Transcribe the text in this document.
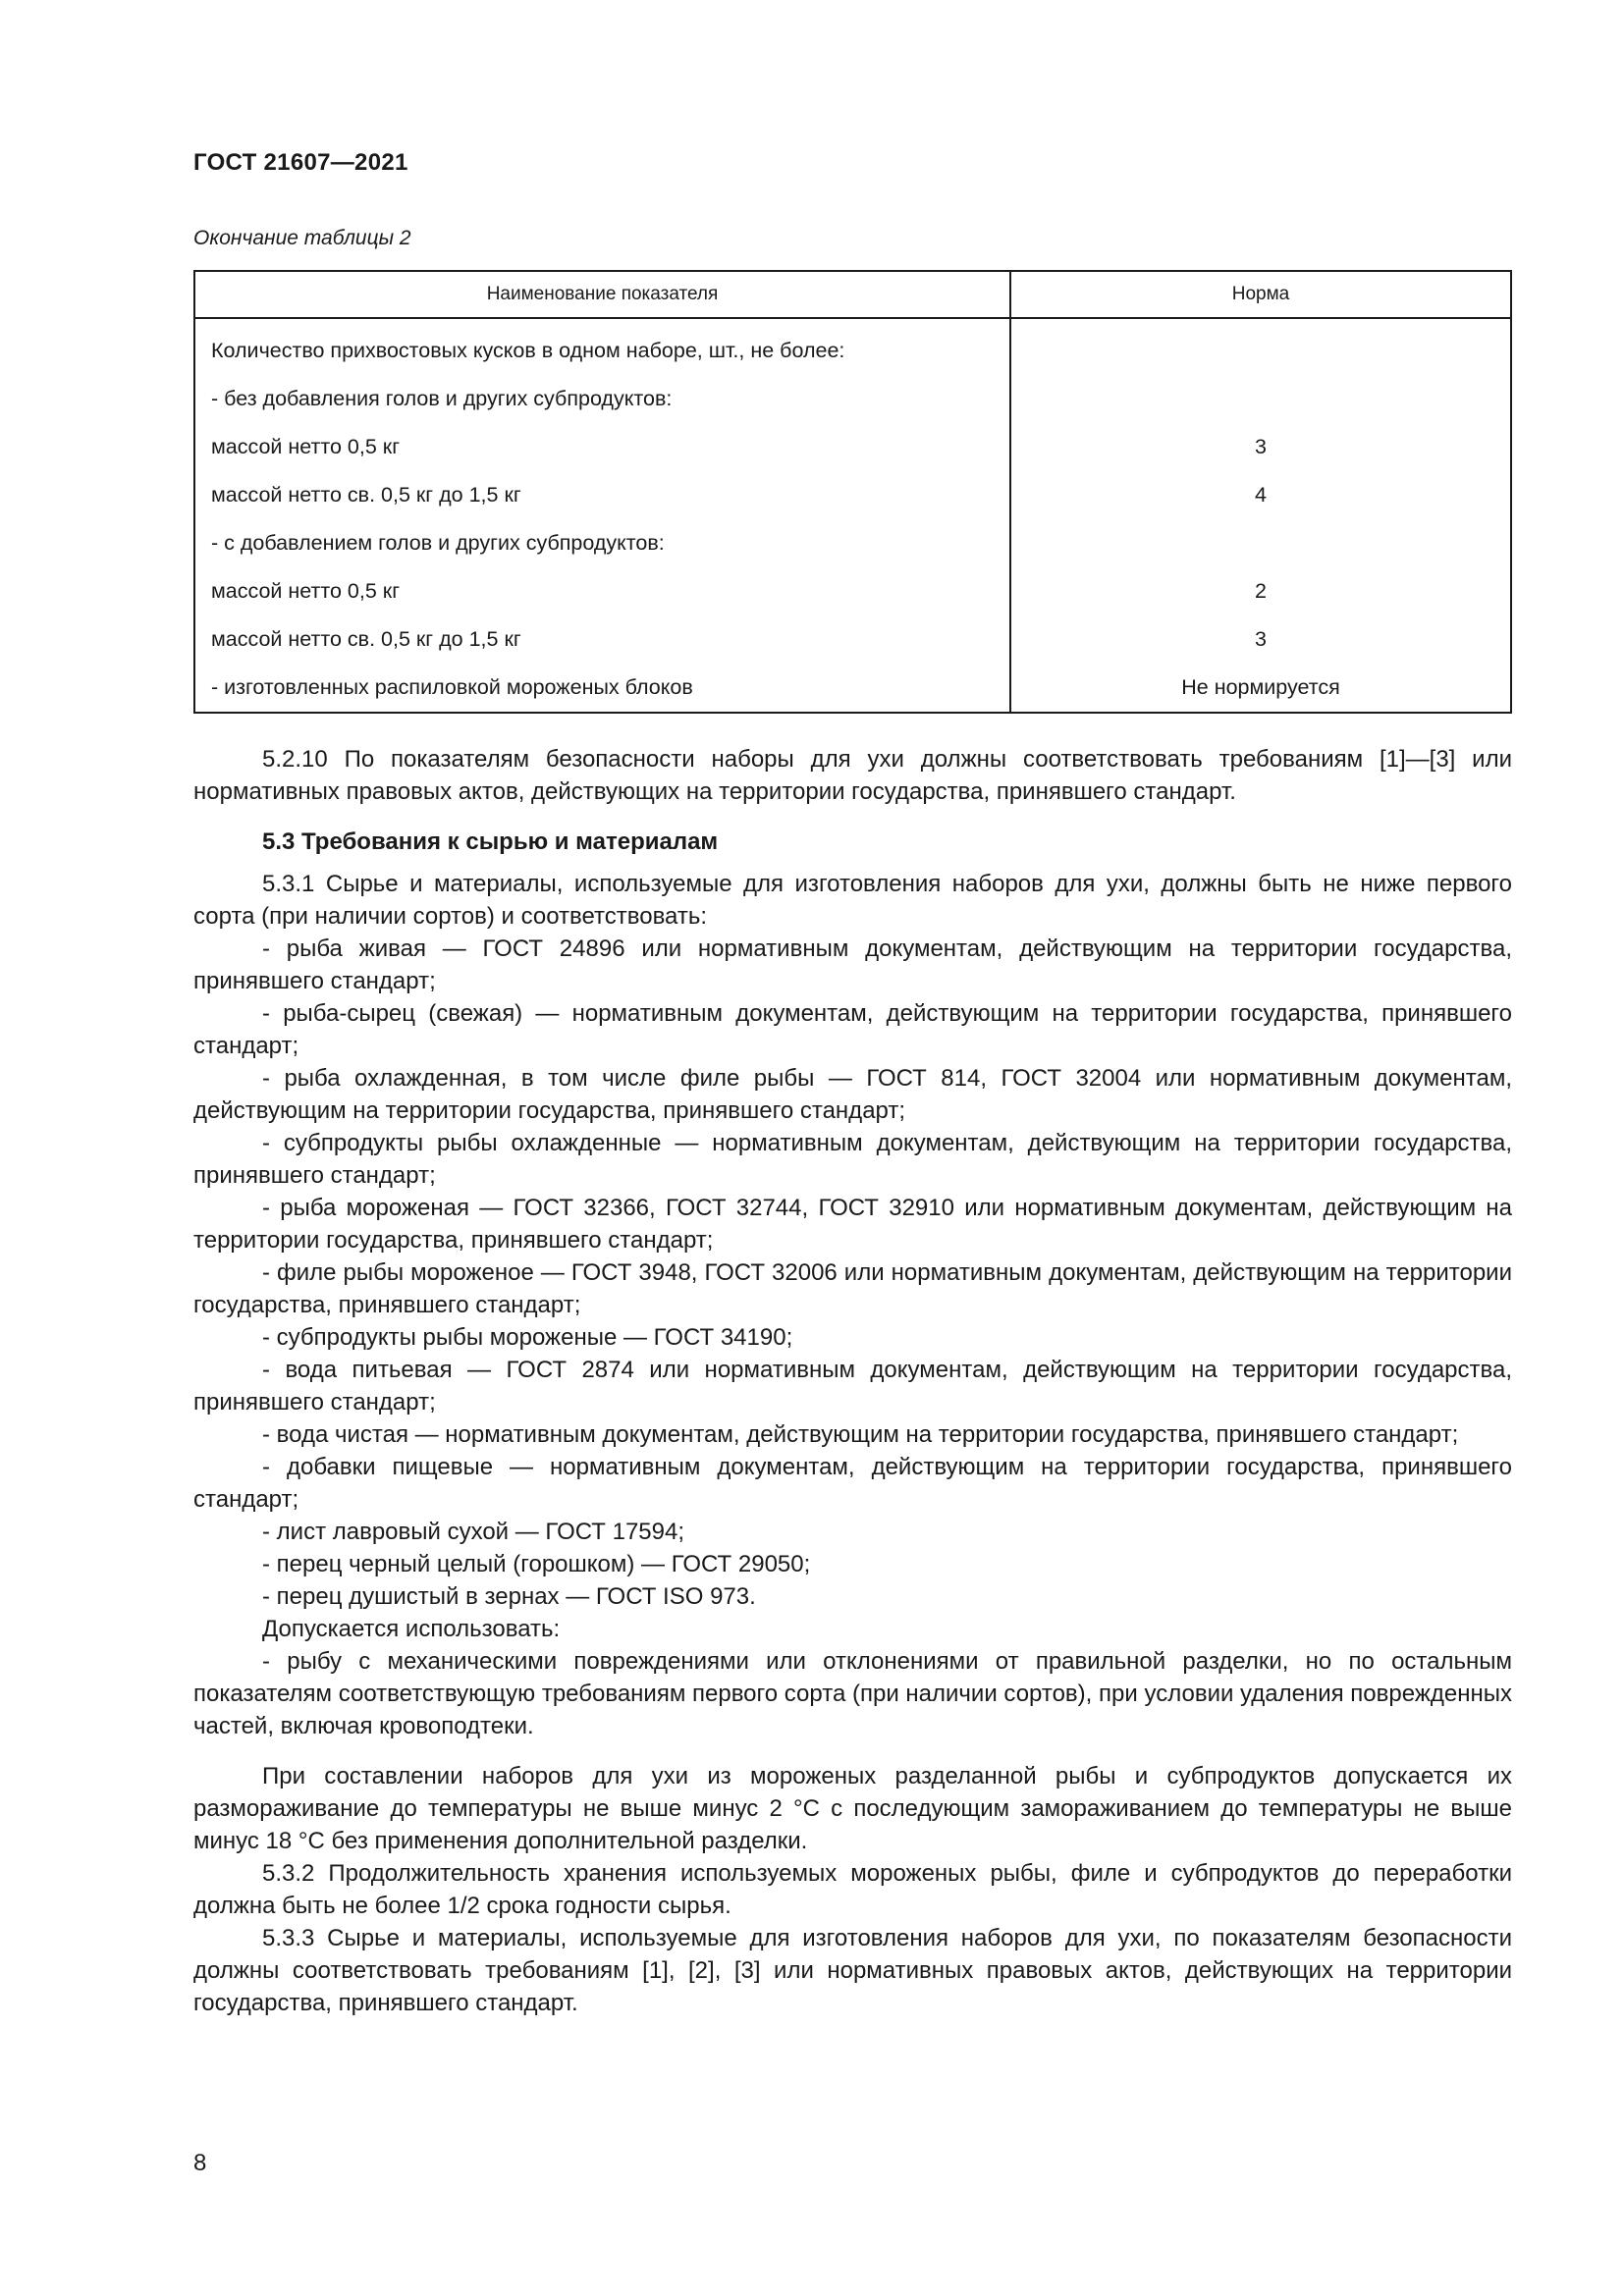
ГОСТ 21607—2021
Окончание таблицы 2
Наименование показателя	Норма
Количество прихвостовых кусков в одном наборе, шт., не более:	
- без добавления голов и других субпродуктов:	
массой нетто 0,5 кг	3
массой нетто св. 0,5 кг до 1,5 кг	4
- с добавлением голов и других субпродуктов:	
массой нетто 0,5 кг	2
массой нетто св. 0,5 кг до 1,5 кг	3
- изготовленных распиловкой мороженых блоков	Не нормируется

5.2.10 По показателям безопасности наборы для ухи должны соответствовать требованиям [1]—[3] или нормативных правовых актов, действующих на территории государства, принявшего стандарт.

5.3 Требования к сырью и материалам

5.3.1 Сырье и материалы, используемые для изготовления наборов для ухи, должны быть не ниже первого сорта (при наличии сортов) и соответствовать:

- рыба живая — ГОСТ 24896 или нормативным документам, действующим на территории государства, принявшего стандарт;

- рыба-сырец (свежая) — нормативным документам, действующим на территории государства, принявшего стандарт;

- рыба охлажденная, в том числе филе рыбы — ГОСТ 814, ГОСТ 32004 или нормативным документам, действующим на территории государства, принявшего стандарт;

- субпродукты рыбы охлажденные — нормативным документам, действующим на территории государства, принявшего стандарт;

- рыба мороженая — ГОСТ 32366, ГОСТ 32744, ГОСТ 32910 или нормативным документам, действующим на территории государства, принявшего стандарт;

- филе рыбы мороженое — ГОСТ 3948, ГОСТ 32006 или нормативным документам, действующим на территории государства, принявшего стандарт;

- субпродукты рыбы мороженые — ГОСТ 34190;

- вода питьевая — ГОСТ 2874 или нормативным документам, действующим на территории государства, принявшего стандарт;

- вода чистая — нормативным документам, действующим на территории государства, принявшего стандарт;

- добавки пищевые — нормативным документам, действующим на территории государства, принявшего стандарт;

- лист лавровый сухой — ГОСТ 17594;

- перец черный целый (горошком) — ГОСТ 29050;

- перец душистый в зернах — ГОСТ ISO 973.

Допускается использовать:

- рыбу с механическими повреждениями или отклонениями от правильной разделки, но по остальным показателям соответствующую требованиям первого сорта (при наличии сортов), при условии удаления поврежденных частей, включая кровоподтеки.

При составлении наборов для ухи из мороженых разделанной рыбы и субпродуктов допускается их размораживание до температуры не выше минус 2 °С с последующим замораживанием до температуры не выше минус 18 °С без применения дополнительной разделки.

5.3.2 Продолжительность хранения используемых мороженых рыбы, филе и субпродуктов до переработки должна быть не более 1/2 срока годности сырья.

5.3.3 Сырье и материалы, используемые для изготовления наборов для ухи, по показателям безопасности должны соответствовать требованиям [1], [2], [3] или нормативных правовых актов, действующих на территории государства, принявшего стандарт.

8
